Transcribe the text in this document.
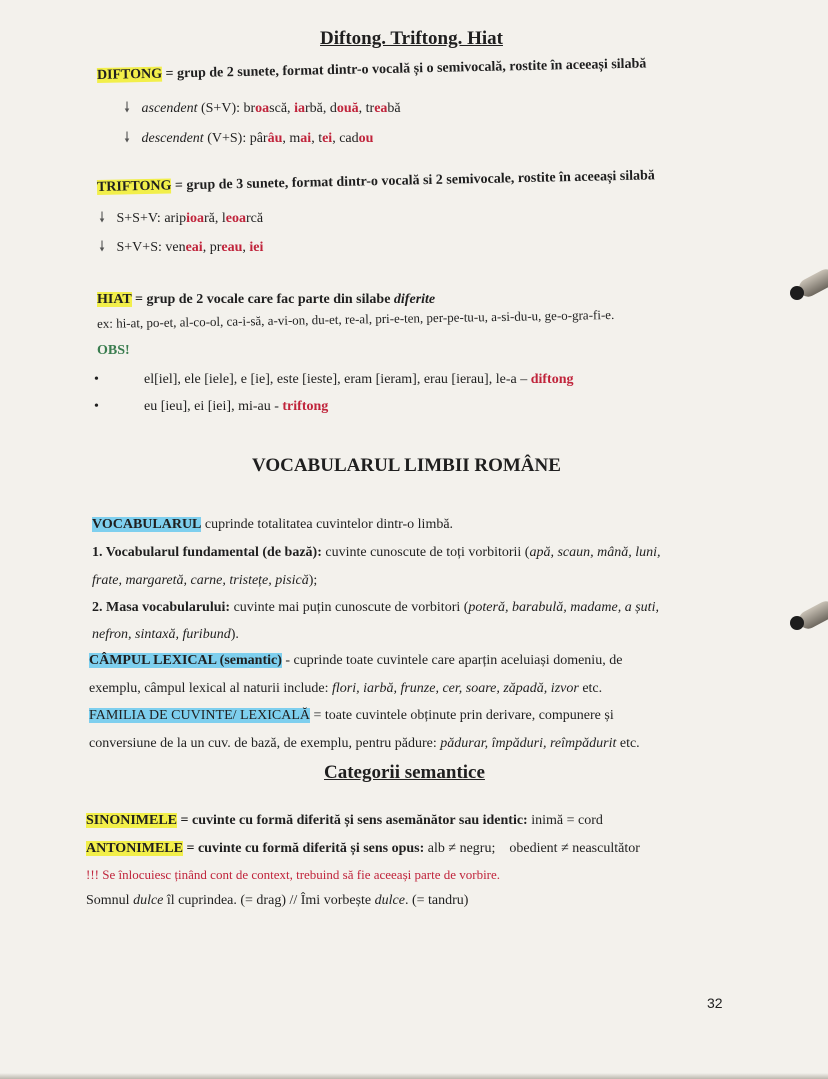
Diftong. Triftong. Hiat
DIFTONG = grup de 2 sunete, format dintr-o vocală și o semivocală, rostite în aceeași silabă
🠗 ascendent (S+V): broască, iarbă, două, treabă
🠗 descendent (V+S): pârâu, mai, tei, cadou
TRIFTONG = grup de 3 sunete, format dintr-o vocală si 2 semivocale, rostite în aceeași silabă
🠗 S+S+V: aripioară, leoarcă
🠗 S+V+S: veneai, preau, iei
HIAT = grup de 2 vocale care fac parte din silabe diferite
ex: hi-at, po-et, al-co-ol, ca-i-să, a-vi-on, du-et, re-al, pri-e-ten, per-pe-tu-u, a-si-du-u, ge-o-gra-fi-e.
OBS!
•	el[iel], ele [iele], e [ie], este [ieste], eram [ieram], erau [ierau], le-a – diftong
•	eu [ieu], ei [iei], mi-au - triftong
VOCABULARUL LIMBII ROMÂNE
VOCABULARUL cuprinde totalitatea cuvintelor dintr-o limbă.
1. Vocabularul fundamental (de bază): cuvinte cunoscute de toți vorbitorii (apă, scaun, mână, luni,
frate, margaretă, carne, tristețe, pisică);
2. Masa vocabularului: cuvinte mai puțin cunoscute de vorbitori (poteră, barabulă, madame, a șuti,
nefron, sintaxă, furibund).
CÂMPUL LEXICAL (semantic) - cuprinde toate cuvintele care aparțin aceluiași domeniu, de
exemplu, câmpul lexical al naturii include: flori, iarbă, frunze, cer, soare, zăpadă, izvor etc.
FAMILIA DE CUVINTE/ LEXICALĂ = toate cuvintele obținute prin derivare, compunere și
conversiune de la un cuv. de bază, de exemplu, pentru pădure: pădurar, împăduri, reîmpădurit etc.
Categorii semantice
SINONIMELE = cuvinte cu formă diferită și sens asemănător sau identic: inimă = cord
ANTONIMELE = cuvinte cu formă diferită și sens opus: alb ≠ negru; obedient ≠ neascultător
!!! Se înlocuiesc ținând cont de context, trebuind să fie aceeași parte de vorbire.
Somnul dulce îl cuprindea. (= drag) // Îmi vorbește dulce. (= tandru)
32
